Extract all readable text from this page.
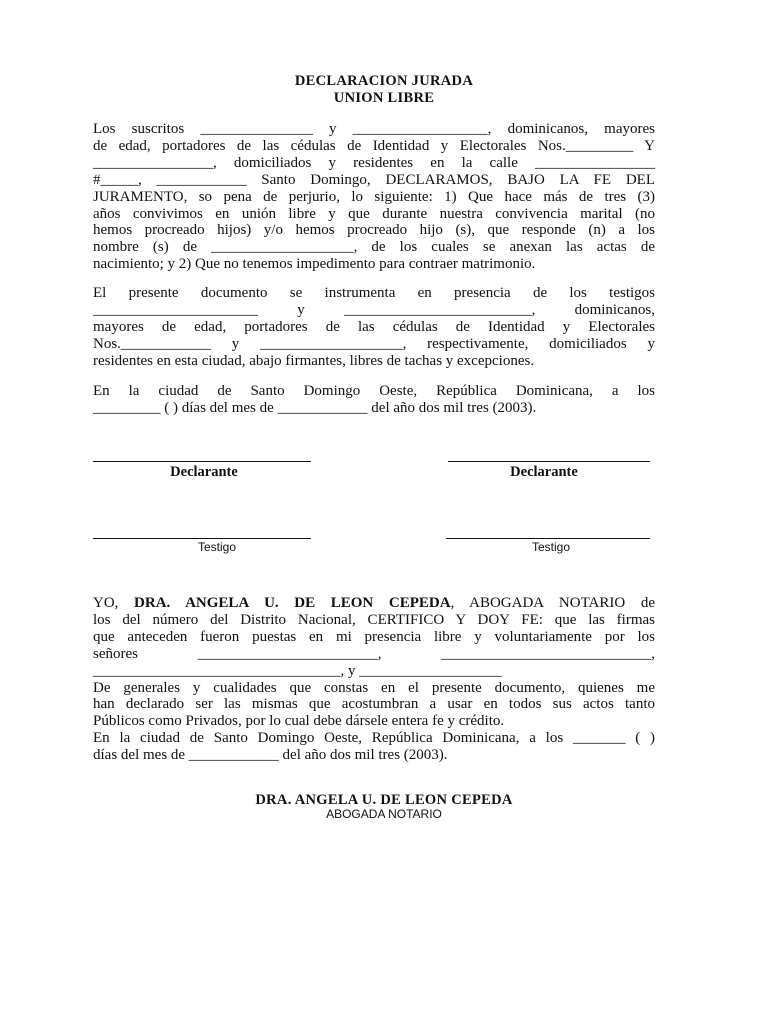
DECLARACION JURADA
UNION LIBRE
Los suscritos _______________ y __________________, dominicanos, mayores
de edad, portadores de las cédulas de Identidad y Electorales Nos._________ Y
________________, domiciliados y residentes en la calle ________________
#_____, ____________ Santo Domingo, DECLARAMOS, BAJO LA FE DEL
JURAMENTO, so pena de perjurio, lo siguiente: 1) Que hace más de tres (3)
años convivimos en unión libre y que durante nuestra convivencia marital (no
hemos procreado hijos) y/o hemos procreado hijo (s), que responde (n) a los
nombre (s) de ___________________, de los cuales se anexan las actas de
nacimiento; y 2) Que no tenemos impedimento para contraer matrimonio.
El presente documento se instrumenta en presencia de los testigos
______________________ y _________________________, dominicanos,
mayores de edad, portadores de las cédulas de Identidad y Electorales
Nos.____________ y ___________________, respectivamente, domiciliados y
residentes en esta ciudad, abajo firmantes, libres de tachas y excepciones.
En la ciudad de Santo Domingo Oeste, República Dominicana, a los
_________ ( ) días del mes de ____________ del año dos mil tres (2003).
Declarante	Declarante
Testigo	Testigo
YO, DRA. ANGELA U. DE LEON CEPEDA, ABOGADA NOTARIO de
los del número del Distrito Nacional, CERTIFICO Y DOY FE: que las firmas
que anteceden fueron puestas en mi presencia libre y voluntariamente por los
señores ________________________, ____________________________,
_________________________________, y ___________________
De generales y cualidades que constas en el presente documento, quienes me
han declarado ser las mismas que acostumbran a usar en todos sus actos tanto
Públicos como Privados, por lo cual debe dársele entera fe y crédito.
En la ciudad de Santo Domingo Oeste, República Dominicana, a los _______ ( )
días del mes de ____________ del año dos mil tres (2003).
DRA. ANGELA U. DE LEON CEPEDA
ABOGADA NOTARIO
